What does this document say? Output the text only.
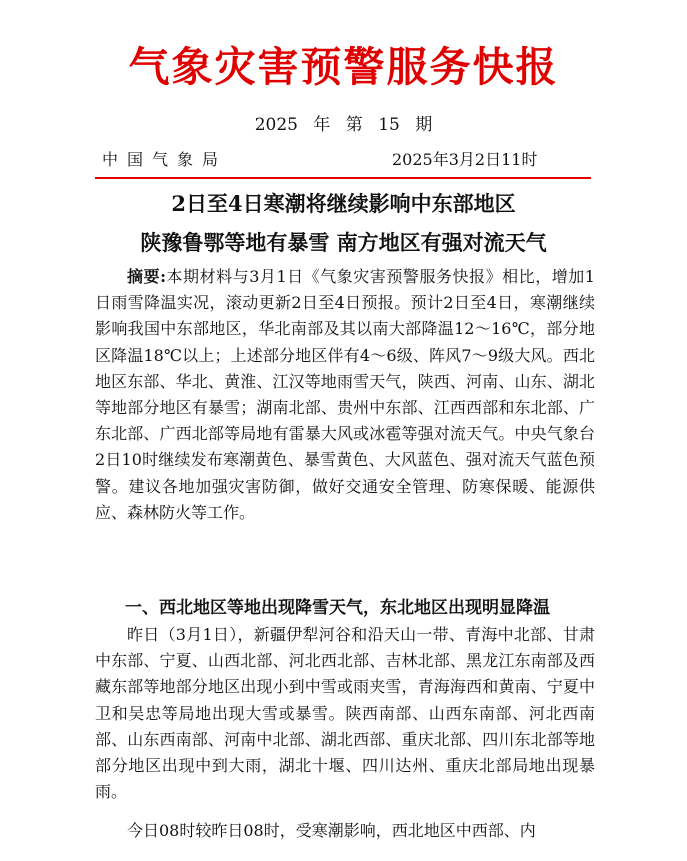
气象灾害预警服务快报
2025 年 第 15 期
中国气象局	2025年3月2日11时
2日至4日寒潮将继续影响中东部地区
陕豫鲁鄂等地有暴雪 南方地区有强对流天气

摘要:本期材料与3月1日《气象灾害预警服务快报》相比，增加1日雨雪降温实况，滚动更新2日至4日预报。预计2日至4日，寒潮继续影响我国中东部地区，华北南部及其以南大部降温12～16℃，部分地区降温18℃以上；上述部分地区伴有4～6级、阵风7～9级大风。西北地区东部、华北、黄淮、江汉等地雨雪天气，陕西、河南、山东、湖北等地部分地区有暴雪；湖南北部、贵州中东部、江西西部和东北部、广东北部、广西北部等局地有雷暴大风或冰雹等强对流天气。中央气象台2日10时继续发布寒潮黄色、暴雪黄色、大风蓝色、强对流天气蓝色预警。建议各地加强灾害防御，做好交通安全管理、防寒保暖、能源供应、森林防火等工作。

一、西北地区等地出现降雪天气，东北地区出现明显降温

昨日（3月1日），新疆伊犁河谷和沿天山一带、青海中北部、甘肃中东部、宁夏、山西北部、河北西北部、吉林北部、黑龙江东南部及西藏东部等地部分地区出现小到中雪或雨夹雪，青海海西和黄南、宁夏中卫和吴忠等局地出现大雪或暴雪。陕西南部、山西东南部、河北西南部、山东西南部、河南中北部、湖北西部、重庆北部、四川东北部等地部分地区出现中到大雨，湖北十堰、四川达州、重庆北部局地出现暴雨。

今日08时较昨日08时，受寒潮影响，西北地区中西部、内
